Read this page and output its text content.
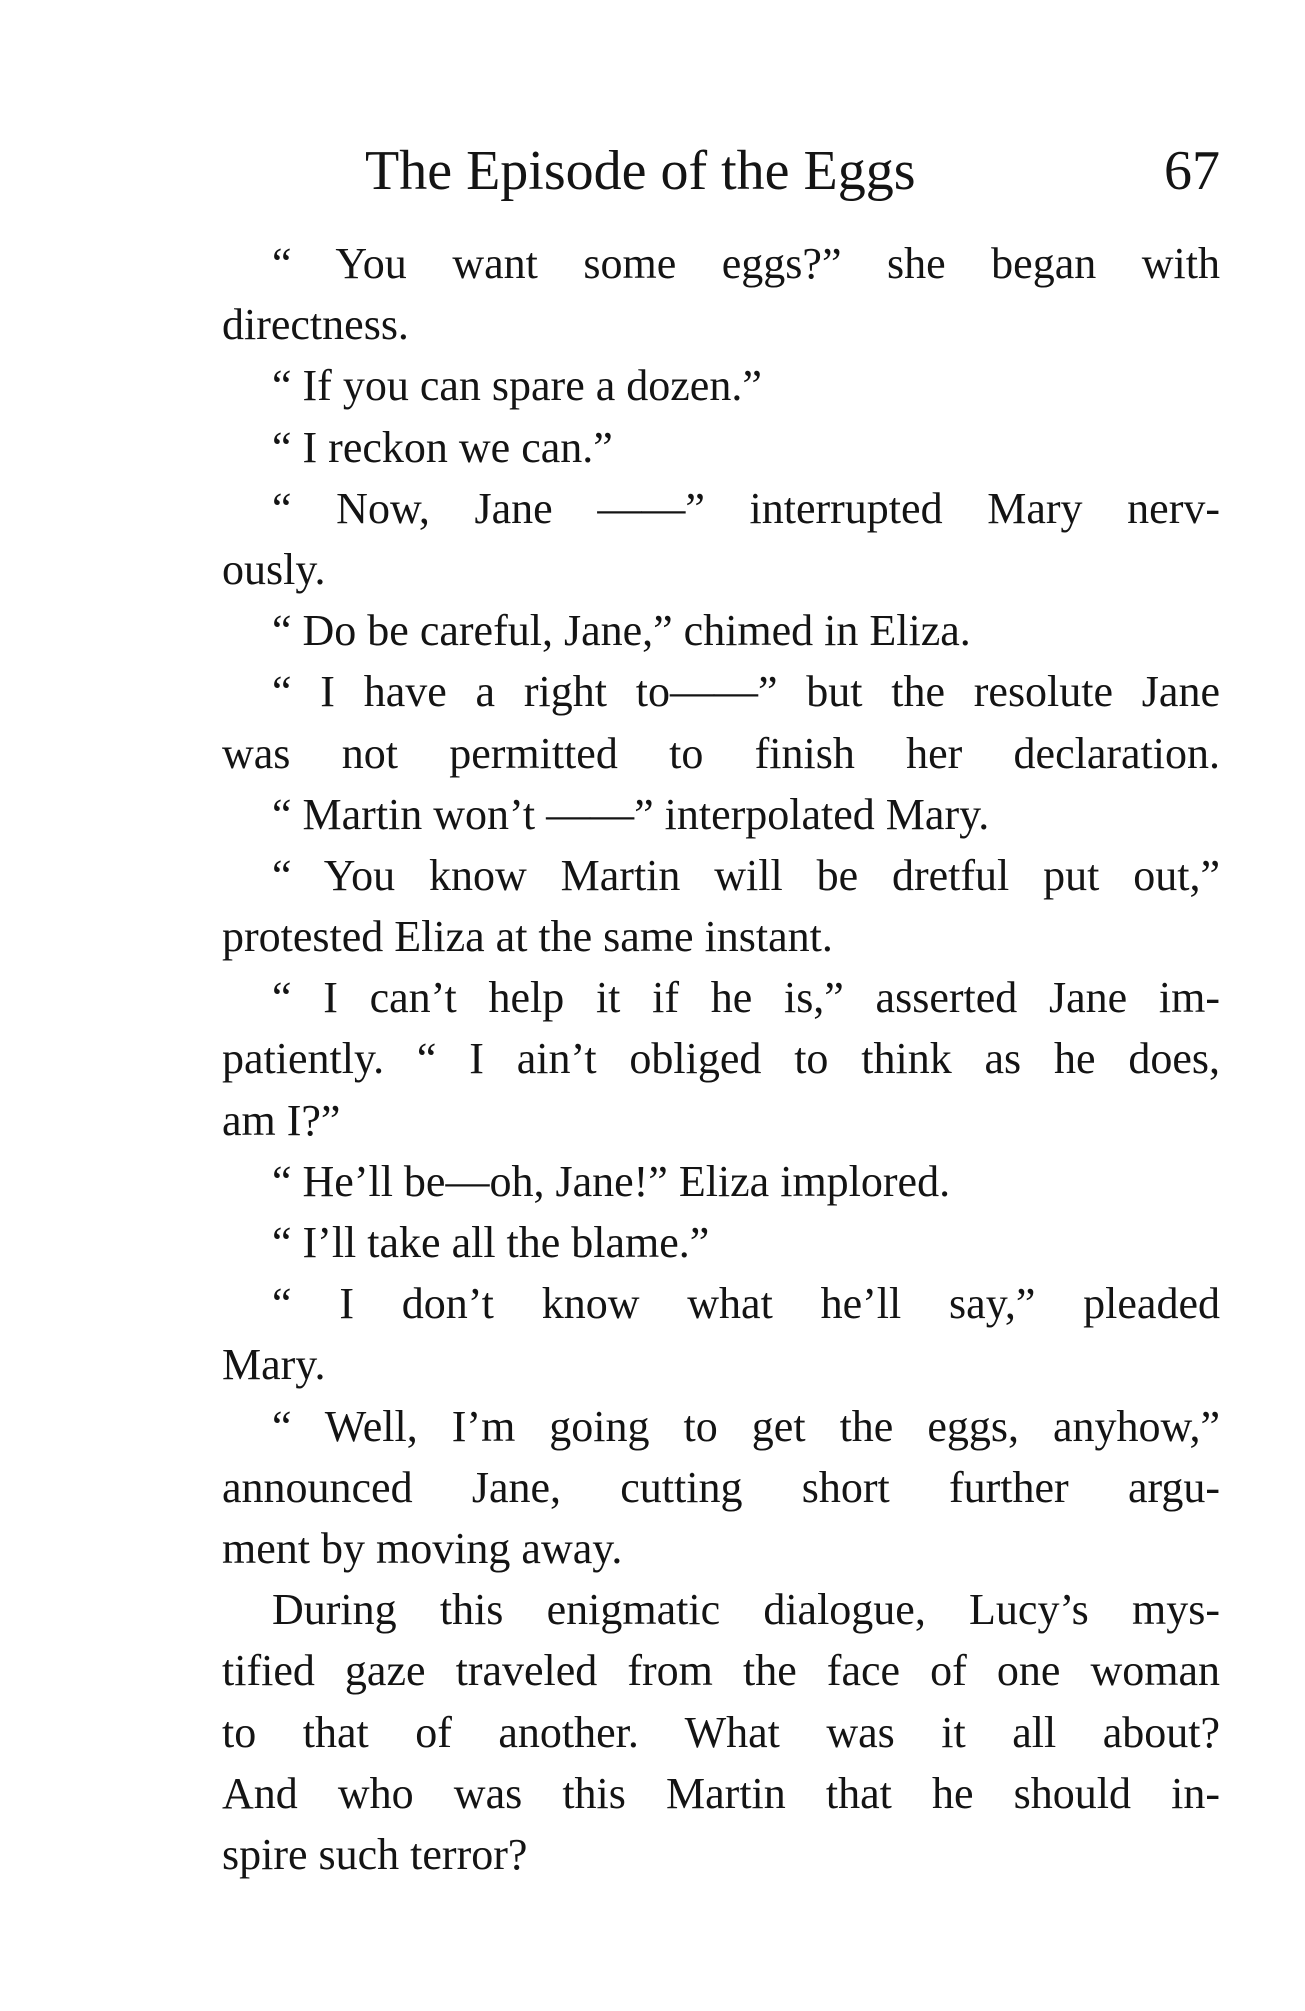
The Episode of the Eggs	67
“ You want some eggs?” she began with
directness.
“ If you can spare a dozen.”
“ I reckon we can.”
“ Now, Jane ——” interrupted Mary nerv-
ously.
“ Do be careful, Jane,” chimed in Eliza.
“ I have a right to——” but the resolute Jane
was not permitted to finish her declaration.
“ Martin won’t ——” interpolated Mary.
“ You know Martin will be dretful put out,”
protested Eliza at the same instant.
“ I can’t help it if he is,” asserted Jane im-
patiently. “ I ain’t obliged to think as he does,
am I?”
“ He’ll be—oh, Jane!” Eliza implored.
“ I’ll take all the blame.”
“ I don’t know what he’ll say,” pleaded
Mary.
“ Well, I’m going to get the eggs, anyhow,”
announced Jane, cutting short further argu-
ment by moving away.
During this enigmatic dialogue, Lucy’s mys-
tified gaze traveled from the face of one woman
to that of another. What was it all about?
And who was this Martin that he should in-
spire such terror?
